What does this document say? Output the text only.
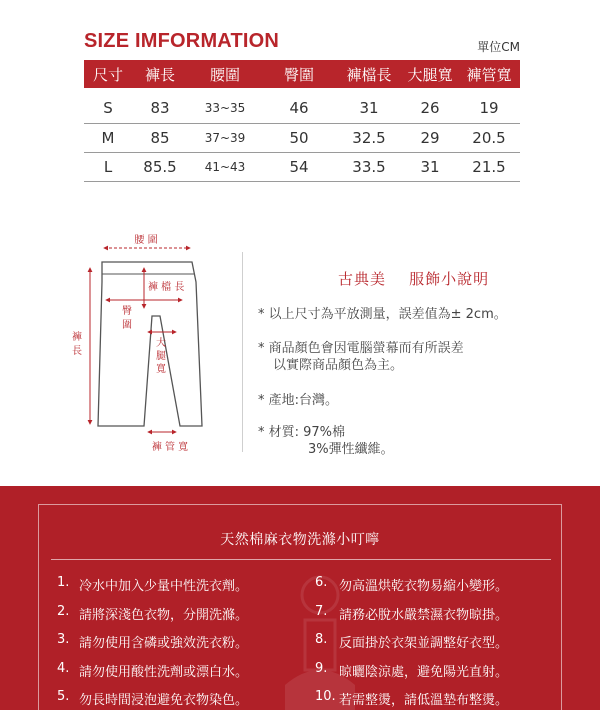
SIZE IMFORMATION	單位CM
尺寸	褲長	腰圍	臀圍	褲檔長	大腿寬	褲管寬
S	83	33~35	46	31	26	19
M	85	37~39	50	32.5	29	20.5
L	85.5	41~43	54	33.5	31	21.5
腰 圍
褲 檔 長
臀
圍
大
腿
寬
褲
長
褲 管 寬
古典美    服飾小說明
* 以上尺寸為平放測量，誤差值為± 2cm。
* 商品顏色會因電腦螢幕而有所誤差
以實際商品顏色為主。
* 產地:台灣。
* 材質: 97%棉
3%彈性纖維。
天然棉麻衣物洗滌小叮嚀
1. 冷水中加入少量中性洗衣劑。
2. 請將深淺色衣物，分開洗滌。
3. 請勿使用含磷或強效洗衣粉。
4. 請勿使用酸性洗劑或漂白水。
5. 勿長時間浸泡避免衣物染色。
6. 勿高溫烘乾衣物易縮小變形。
7. 請務必脫水嚴禁濕衣物晾掛。
8. 反面掛於衣架並調整好衣型。
9. 晾曬陰涼處，避免陽光直射。
10. 若需整燙，請低溫墊布整燙。
